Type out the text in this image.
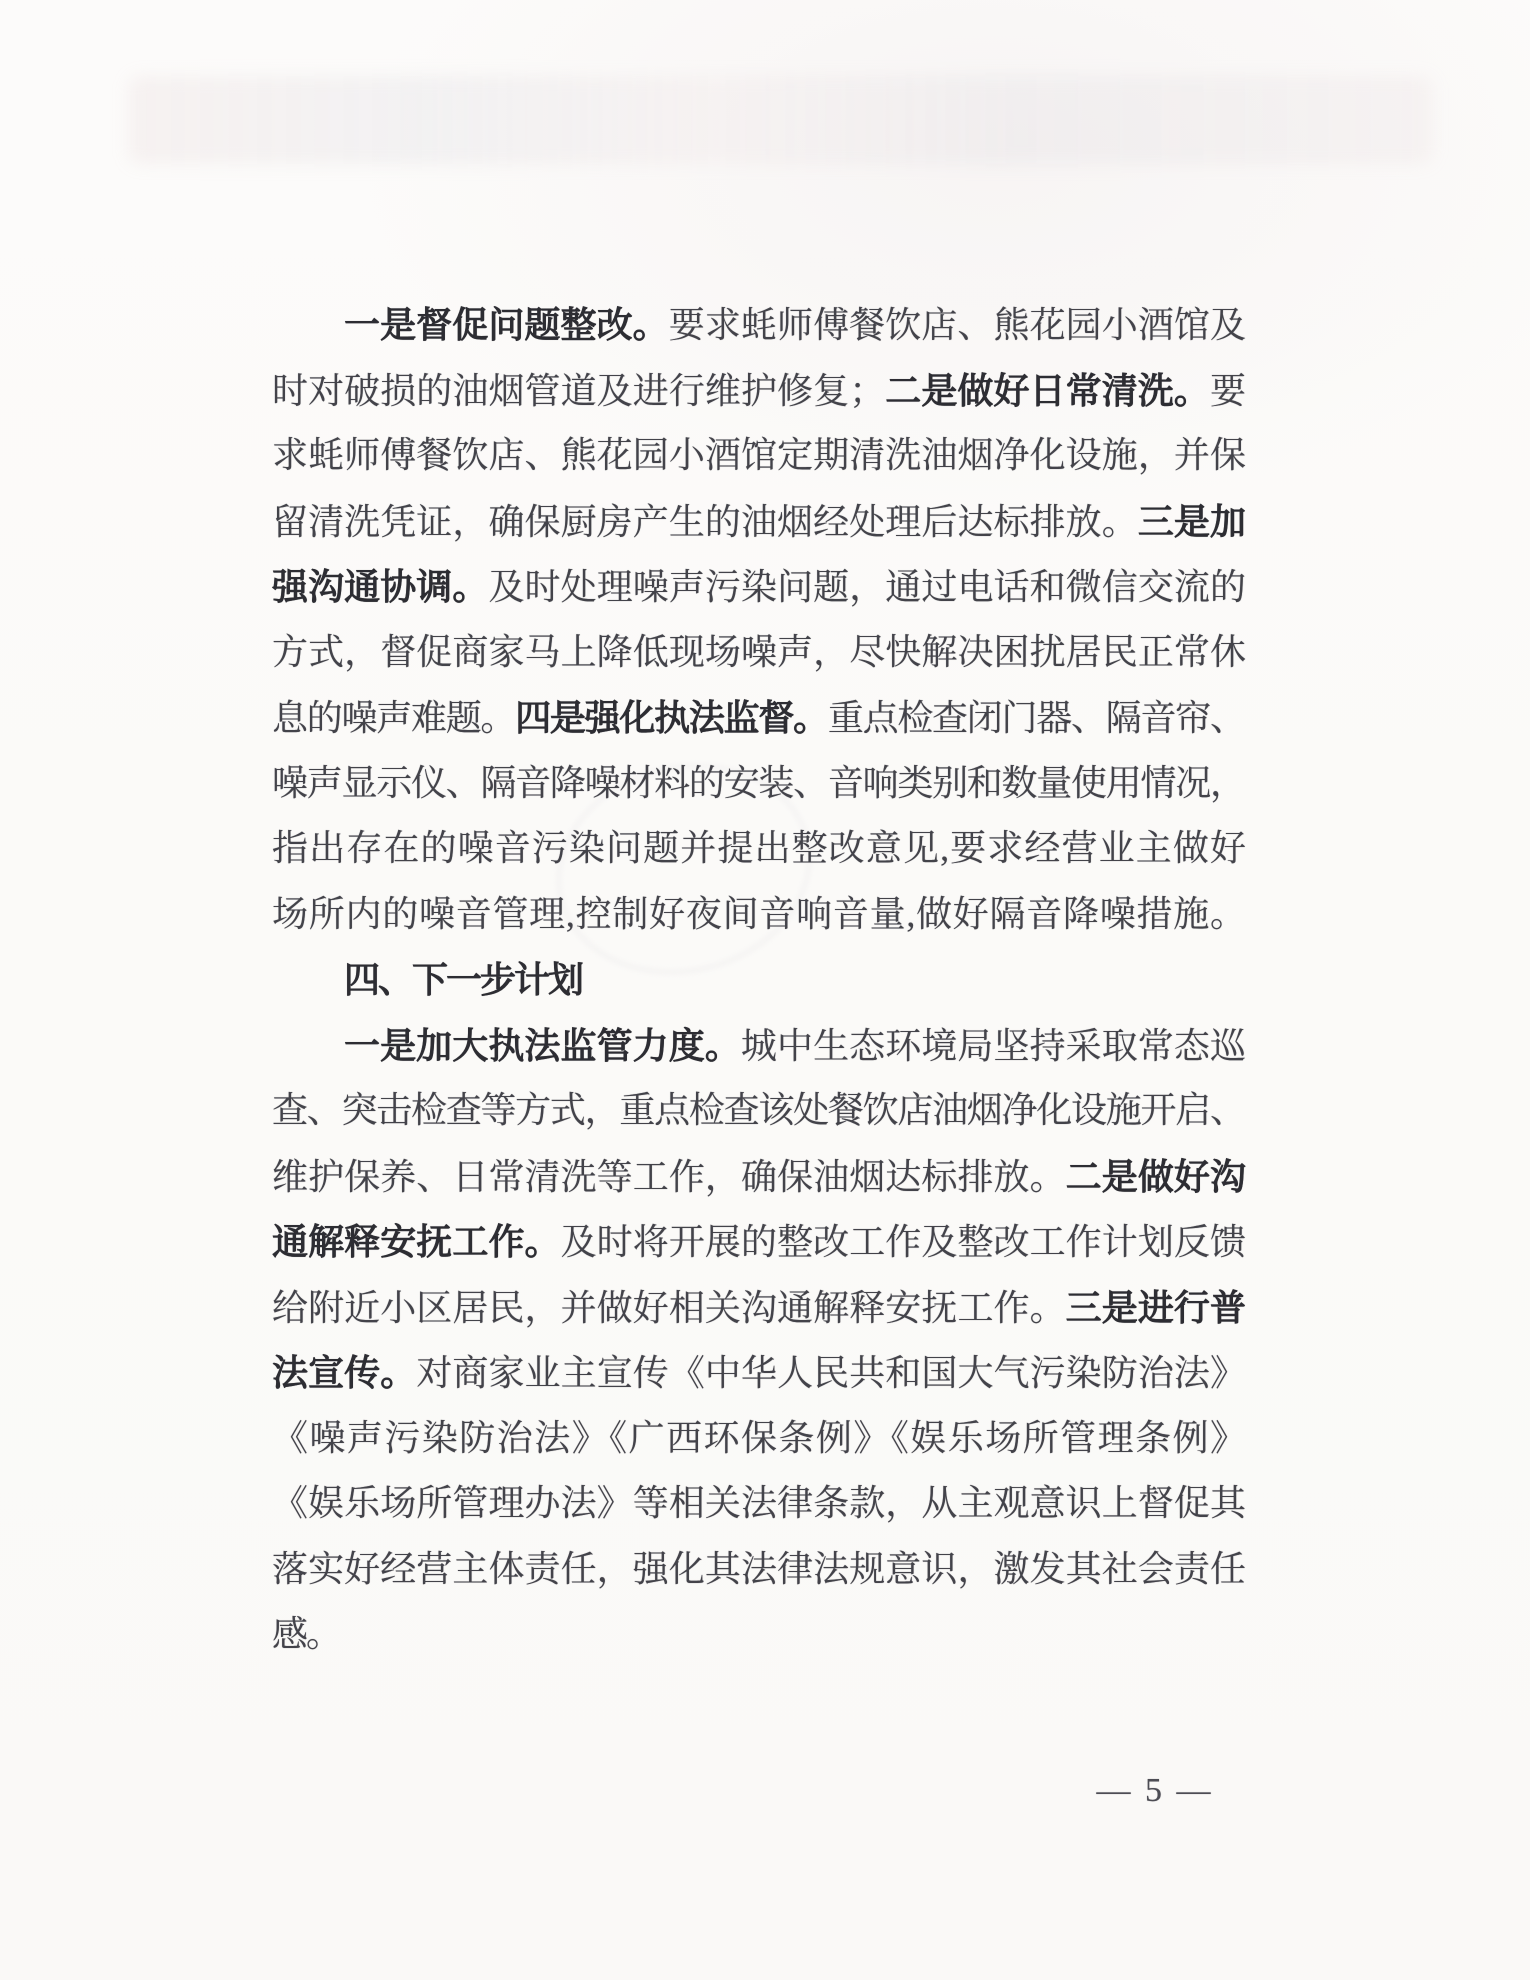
一是督促问题整改。要求蚝师傅餐饮店、熊花园小酒馆及
时对破损的油烟管道及进行维护修复；二是做好日常清洗。要
求蚝师傅餐饮店、熊花园小酒馆定期清洗油烟净化设施，并保
留清洗凭证，确保厨房产生的油烟经处理后达标排放。三是加
强沟通协调。及时处理噪声污染问题，通过电话和微信交流的
方式，督促商家马上降低现场噪声，尽快解决困扰居民正常休
息的噪声难题。四是强化执法监督。重点检查闭门器、隔音帘、
噪声显示仪、隔音降噪材料的安装、音响类别和数量使用情况，
指出存在的噪音污染问题并提出整改意见,要求经营业主做好
场所内的噪音管理,控制好夜间音响音量,做好隔音降噪措施。
四、下一步计划
一是加大执法监管力度。城中生态环境局坚持采取常态巡
查、突击检查等方式，重点检查该处餐饮店油烟净化设施开启、
维护保养、日常清洗等工作，确保油烟达标排放。二是做好沟
通解释安抚工作。及时将开展的整改工作及整改工作计划反馈
给附近小区居民，并做好相关沟通解释安抚工作。三是进行普
法宣传。对商家业主宣传《中华人民共和国大气污染防治法》
《噪声污染防治法》《广西环保条例》《娱乐场所管理条例》
《娱乐场所管理办法》等相关法律条款，从主观意识上督促其
落实好经营主体责任，强化其法律法规意识，激发其社会责任
感。
— 5 —
